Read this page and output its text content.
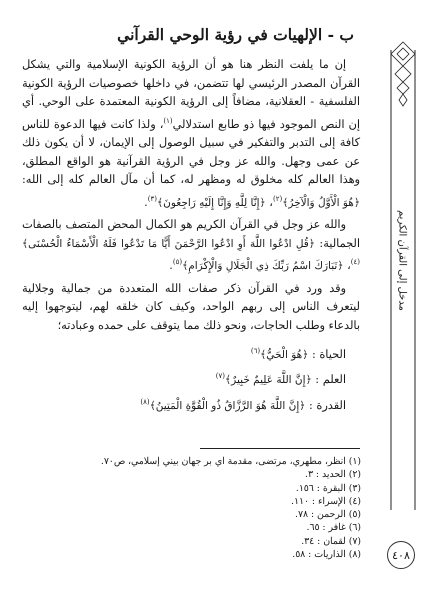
مدخل إلى القرآن الكريم
٤٠٨
ب - الإلهيات في رؤية الوحي القرآني

إن ما يلفت النظر هنا هو أن الرؤية الكونية الإسلامية والتي يشكل القرآن المصدر الرئيسي لها تتضمن، في داخلها خصوصيات الرؤية الكونية الفلسفية - العقلانية، مضافاً إلى الرؤية الكونية المعتمدة على الوحي. أي إن النص الموجود فيها ذو طابع استدلالي$^{(١)}$، ولذا كانت فيها الدعوة للناس كافة إلى التدبر والتفكير في سبيل الوصول إلى الإيمان، لا أن يكون ذلك عن عمى وجهل. والله عز وجل في الرؤية القرآنية هو الواقع المطلق، وهذا العالم كله مخلوق له ومظهر له، كما أن مآل العالم كله إلى الله: ﴿هُوَ الْأَوَّلُ وَالْآخِرُ﴾$^{(٢)}$، ﴿إِنَّا لِلَّهِ وَإِنَّا إِلَيْهِ رَاجِعُونَ﴾$^{(٣)}$.

والله عز وجل في القرآن الكريم هو الكمال المحض المتصف بالصفات الجمالية: ﴿قُلِ ادْعُوا اللَّهَ أَوِ ادْعُوا الرَّحْمَنَ أَيًّا مَا تَدْعُوا فَلَهُ الْأَسْمَاءُ الْحُسْنَى﴾$^{(٤)}$، ﴿تَبَارَكَ اسْمُ رَبِّكَ ذِي الْجَلَالِ وَالْإِكْرَامِ﴾$^{(٥)}$.

وقد ورد في القرآن ذكر صفات الله المتعددة من جمالية وجلالية ليتعرف الناس إلى ربهم الواحد، وكيف كان خلقه لهم، ليتوجهوا إليه بالدعاء وطلب الحاجات، ونحو ذلك مما يتوقف على حمده وعبادته؛

الحياة : ﴿هُوَ الْحَيُّ﴾$^{(٦)}$
العلم : ﴿إِنَّ اللَّهَ عَلِيمٌ خَبِيرٌ﴾$^{(٧)}$
القدرة : ﴿إِنَّ اللَّهَ هُوَ الرَّزَّاقُ ذُو الْقُوَّةِ الْمَتِينُ﴾$^{(٨)}$
(١) انظر، مطهري، مرتضى، مقدمة اي بر جهان بيني إسلامي، ص٧٠.
(٢) الحديد : ٣.
(٣) البقرة : ١٥٦.
(٤) الإسراء : ١١٠.
(٥) الرحمن : ٧٨.
(٦) غافر : ٦٥.
(٧) لقمان : ٣٤.
(٨) الذاريات : ٥٨.
